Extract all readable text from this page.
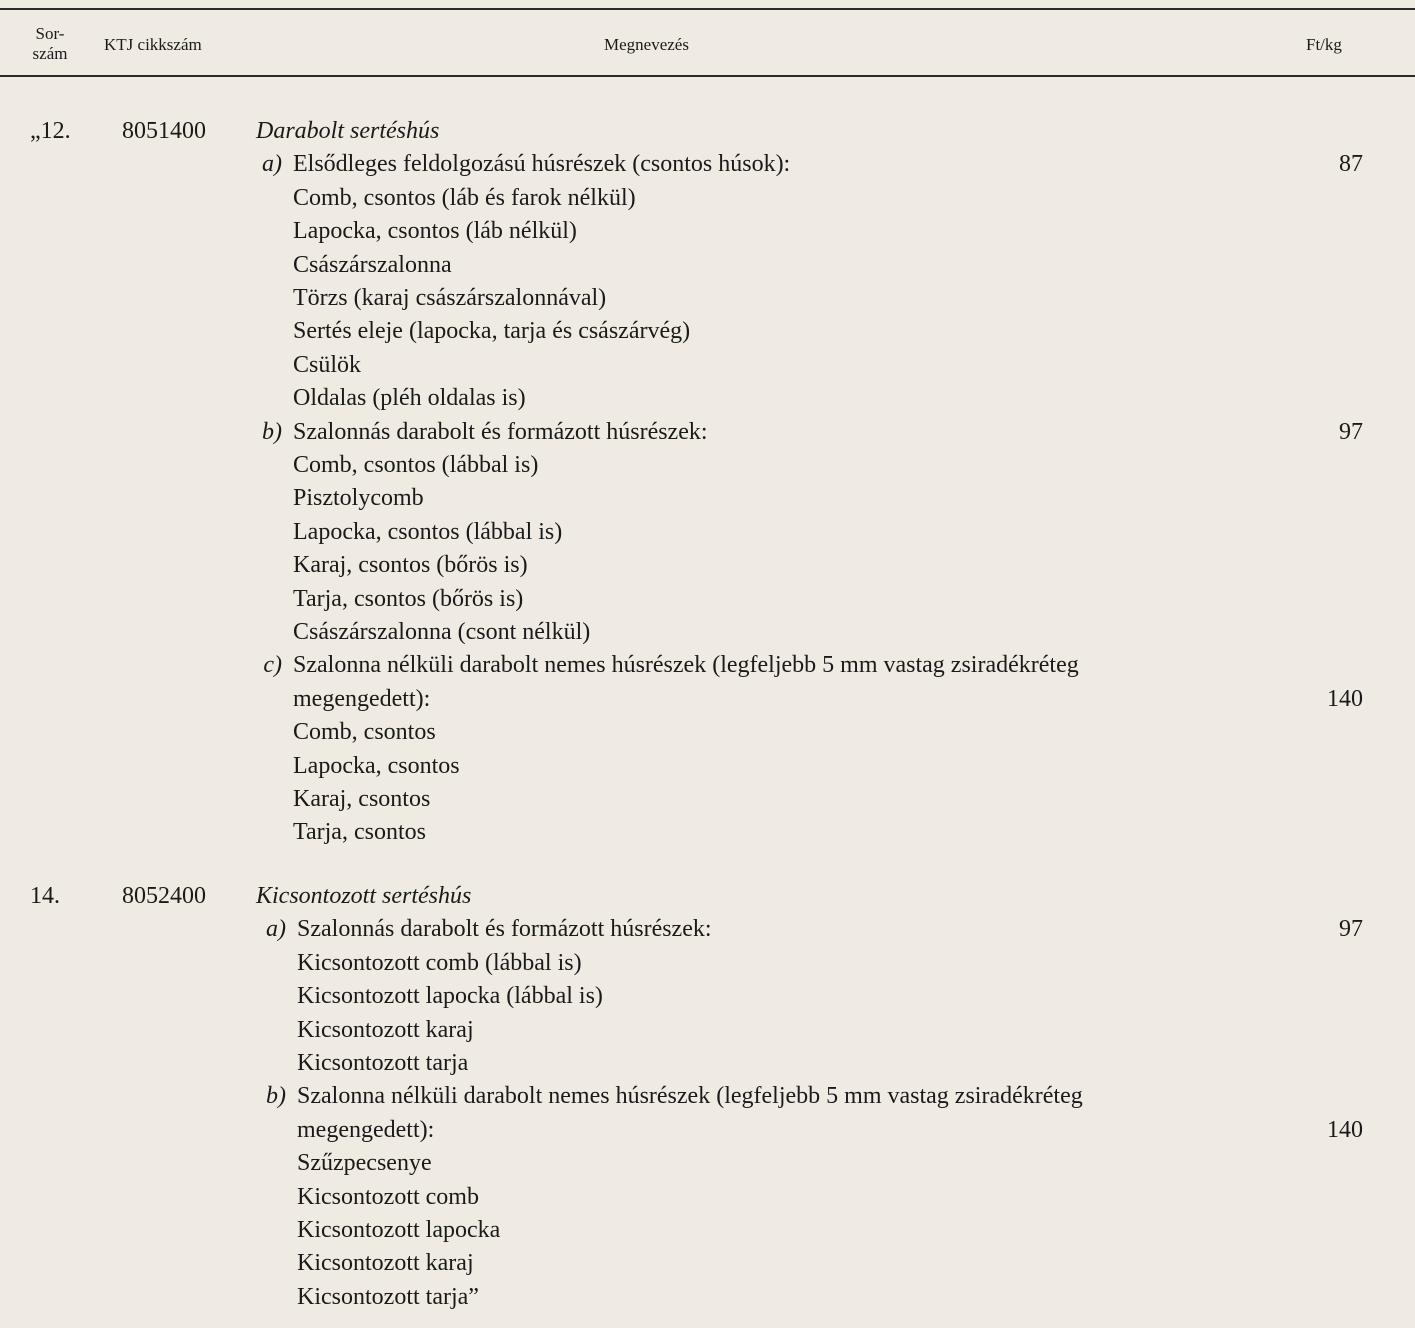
Sor-
szám	KTJ cikkszám	Megnevezés	Ft/kg
„12. 8051400 Darabolt sertéshús
a) Elsődleges feldolgozású húsrészek (csontos húsok):	87
Comb, csontos (láb és farok nélkül)
Lapocka, csontos (láb nélkül)
Császárszalonna
Törzs (karaj császárszalonnával)
Sertés eleje (lapocka, tarja és császárvég)
Csülök
Oldalas (pléh oldalas is)
b) Szalonnás darabolt és formázott húsrészek:	97
Comb, csontos (lábbal is)
Pisztolycomb
Lapocka, csontos (lábbal is)
Karaj, csontos (bőrös is)
Tarja, csontos (bőrös is)
Császárszalonna (csont nélkül)
c) Szalonna nélküli darabolt nemes húsrészek (legfeljebb 5 mm vastag zsiradékréteg
megengedett):	140
Comb, csontos
Lapocka, csontos
Karaj, csontos
Tarja, csontos
14.	8052400 Kicsontozott sertéshús
a) Szalonnás darabolt és formázott húsrészek:	97
Kicsontozott comb (lábbal is)
Kicsontozott lapocka (lábbal is)
Kicsontozott karaj
Kicsontozott tarja
b) Szalonna nélküli darabolt nemes húsrészek (legfeljebb 5 mm vastag zsiradékréteg
megengedett):	140
Szűzpecsenye
Kicsontozott comb
Kicsontozott lapocka
Kicsontozott karaj
Kicsontozott tarja”
